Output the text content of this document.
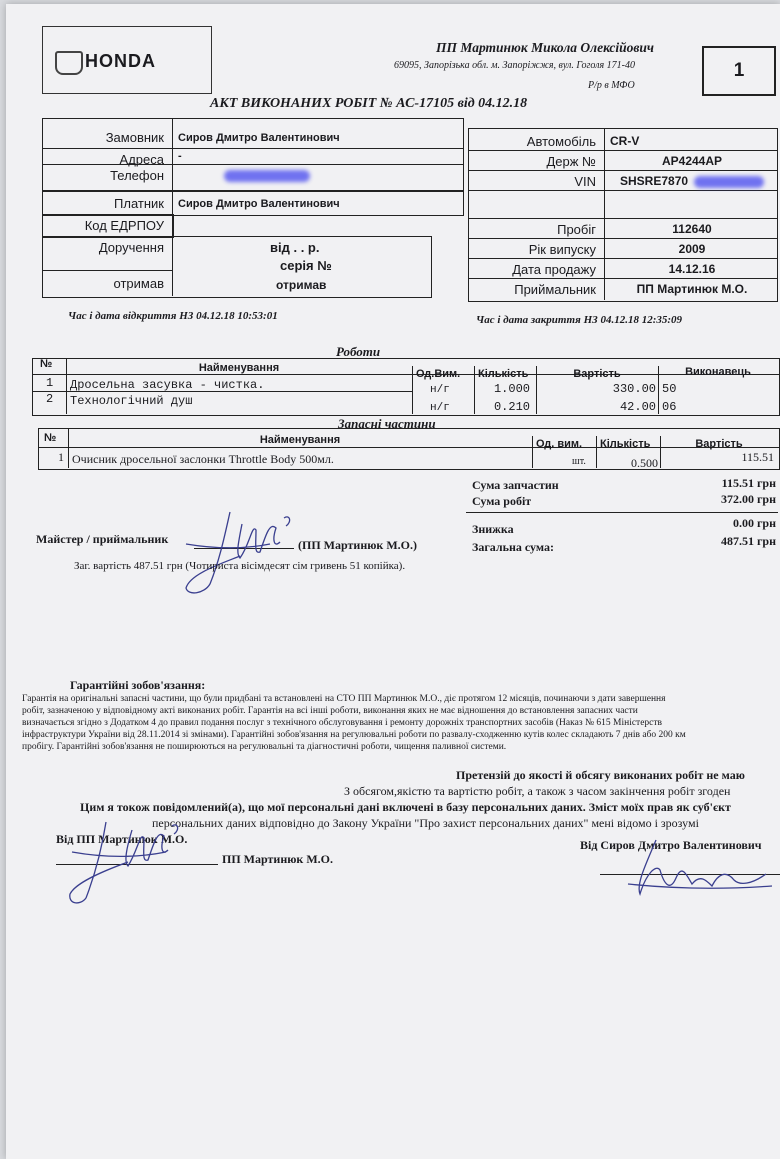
HONDA
ПП Мартинюк Микола Олексійович
69095, Запорізька обл. м. Запоріжжя, вул. Гоголя 171-40
Р/р в МФО
1
АКТ ВИКОНАНИХ РОБІТ № АС-17105 від 04.12.18
Замовник Сиров Дмитро Валентинович
Адреса -
Телефон
Платник Сиров Дмитро Валентинович
Код ЕДРПОУ
Доручення	від . . р.
серія №
отримав	отримав
Автомобіль CR-V
Держ №	АР4244АР
VIN SHSRE7870
Пробіг	112640
Рік випуску	2009
Дата продажу	14.12.16
Приймальник	ПП Мартинюк М.О.
Час і дата відкриття НЗ 04.12.18 10:53:01	Час і дата закриття НЗ 04.12.18 12:35:09
Роботи
№	Найменування	Од.Вим. Кількість	Вартість	Виконавець
1 Дросельна засувка - чистка.	н/г	1.000	330.00 50
2 Технологічний душ	н/г	0.210	42.00 06
Запасні частини
№	Найменування	Од. вим. Кількість	Вартість
1 Очисник дросельної заслонки Throttle Body 500мл.	шт.	0.500	115.51
Сума запчастин	115.51 грн
Сума робіт	372.00 грн
Знижка	0.00 грн
Загальна сума:	487.51 грн
Майстер / приймальник	(ПП Мартинюк М.О.)
Заг. вартість 487.51 грн (Чотириста вісімдесят сім гривень 51 копійка).
Гарантійні зобов'язання:
Гарантія на оригінальні запасні частини, що були придбані та встановлені на СТО ПП Мартинюк М.О., діє протягом 12 місяців, починаючи з дати завершення
робіт, зазначеною у відповідному акті виконаних робіт. Гарантія на всі інші роботи, виконання яких не має відношення до встановлення запасних части
визначається згідно з Додатком 4 до правил подання послуг з технічного обслуговування і ремонту дорожніх транспортних засобів (Наказ № 615 Міністерств
інфраструктури України від 28.11.2014 зі змінами). Гарантійні зобов'язання на регулювальні роботи по развалу-сходженню кутів колес складають 7 днів або 200 км
пробігу. Гарантійні зобов'язання не поширюються на регулювальні та діагностичні роботи, чищення паливної системи.
Претензій до якості й обсягу виконаних робіт не маю
З обсягом,якістю та вартістю робіт, а також з часом закінчення робіт згоден
Цим я токож повідомлений(а), що мої персональні дані включені в базу персональних даних. Зміст моїх прав як суб'єкт
персональних даних відповідно до Закону України "Про захист персональних даних" мені відомо і зрозумі
Від ПП Мартинюк М.О.
ПП Мартинюк М.О.
Від Сиров Дмитро Валентинович
